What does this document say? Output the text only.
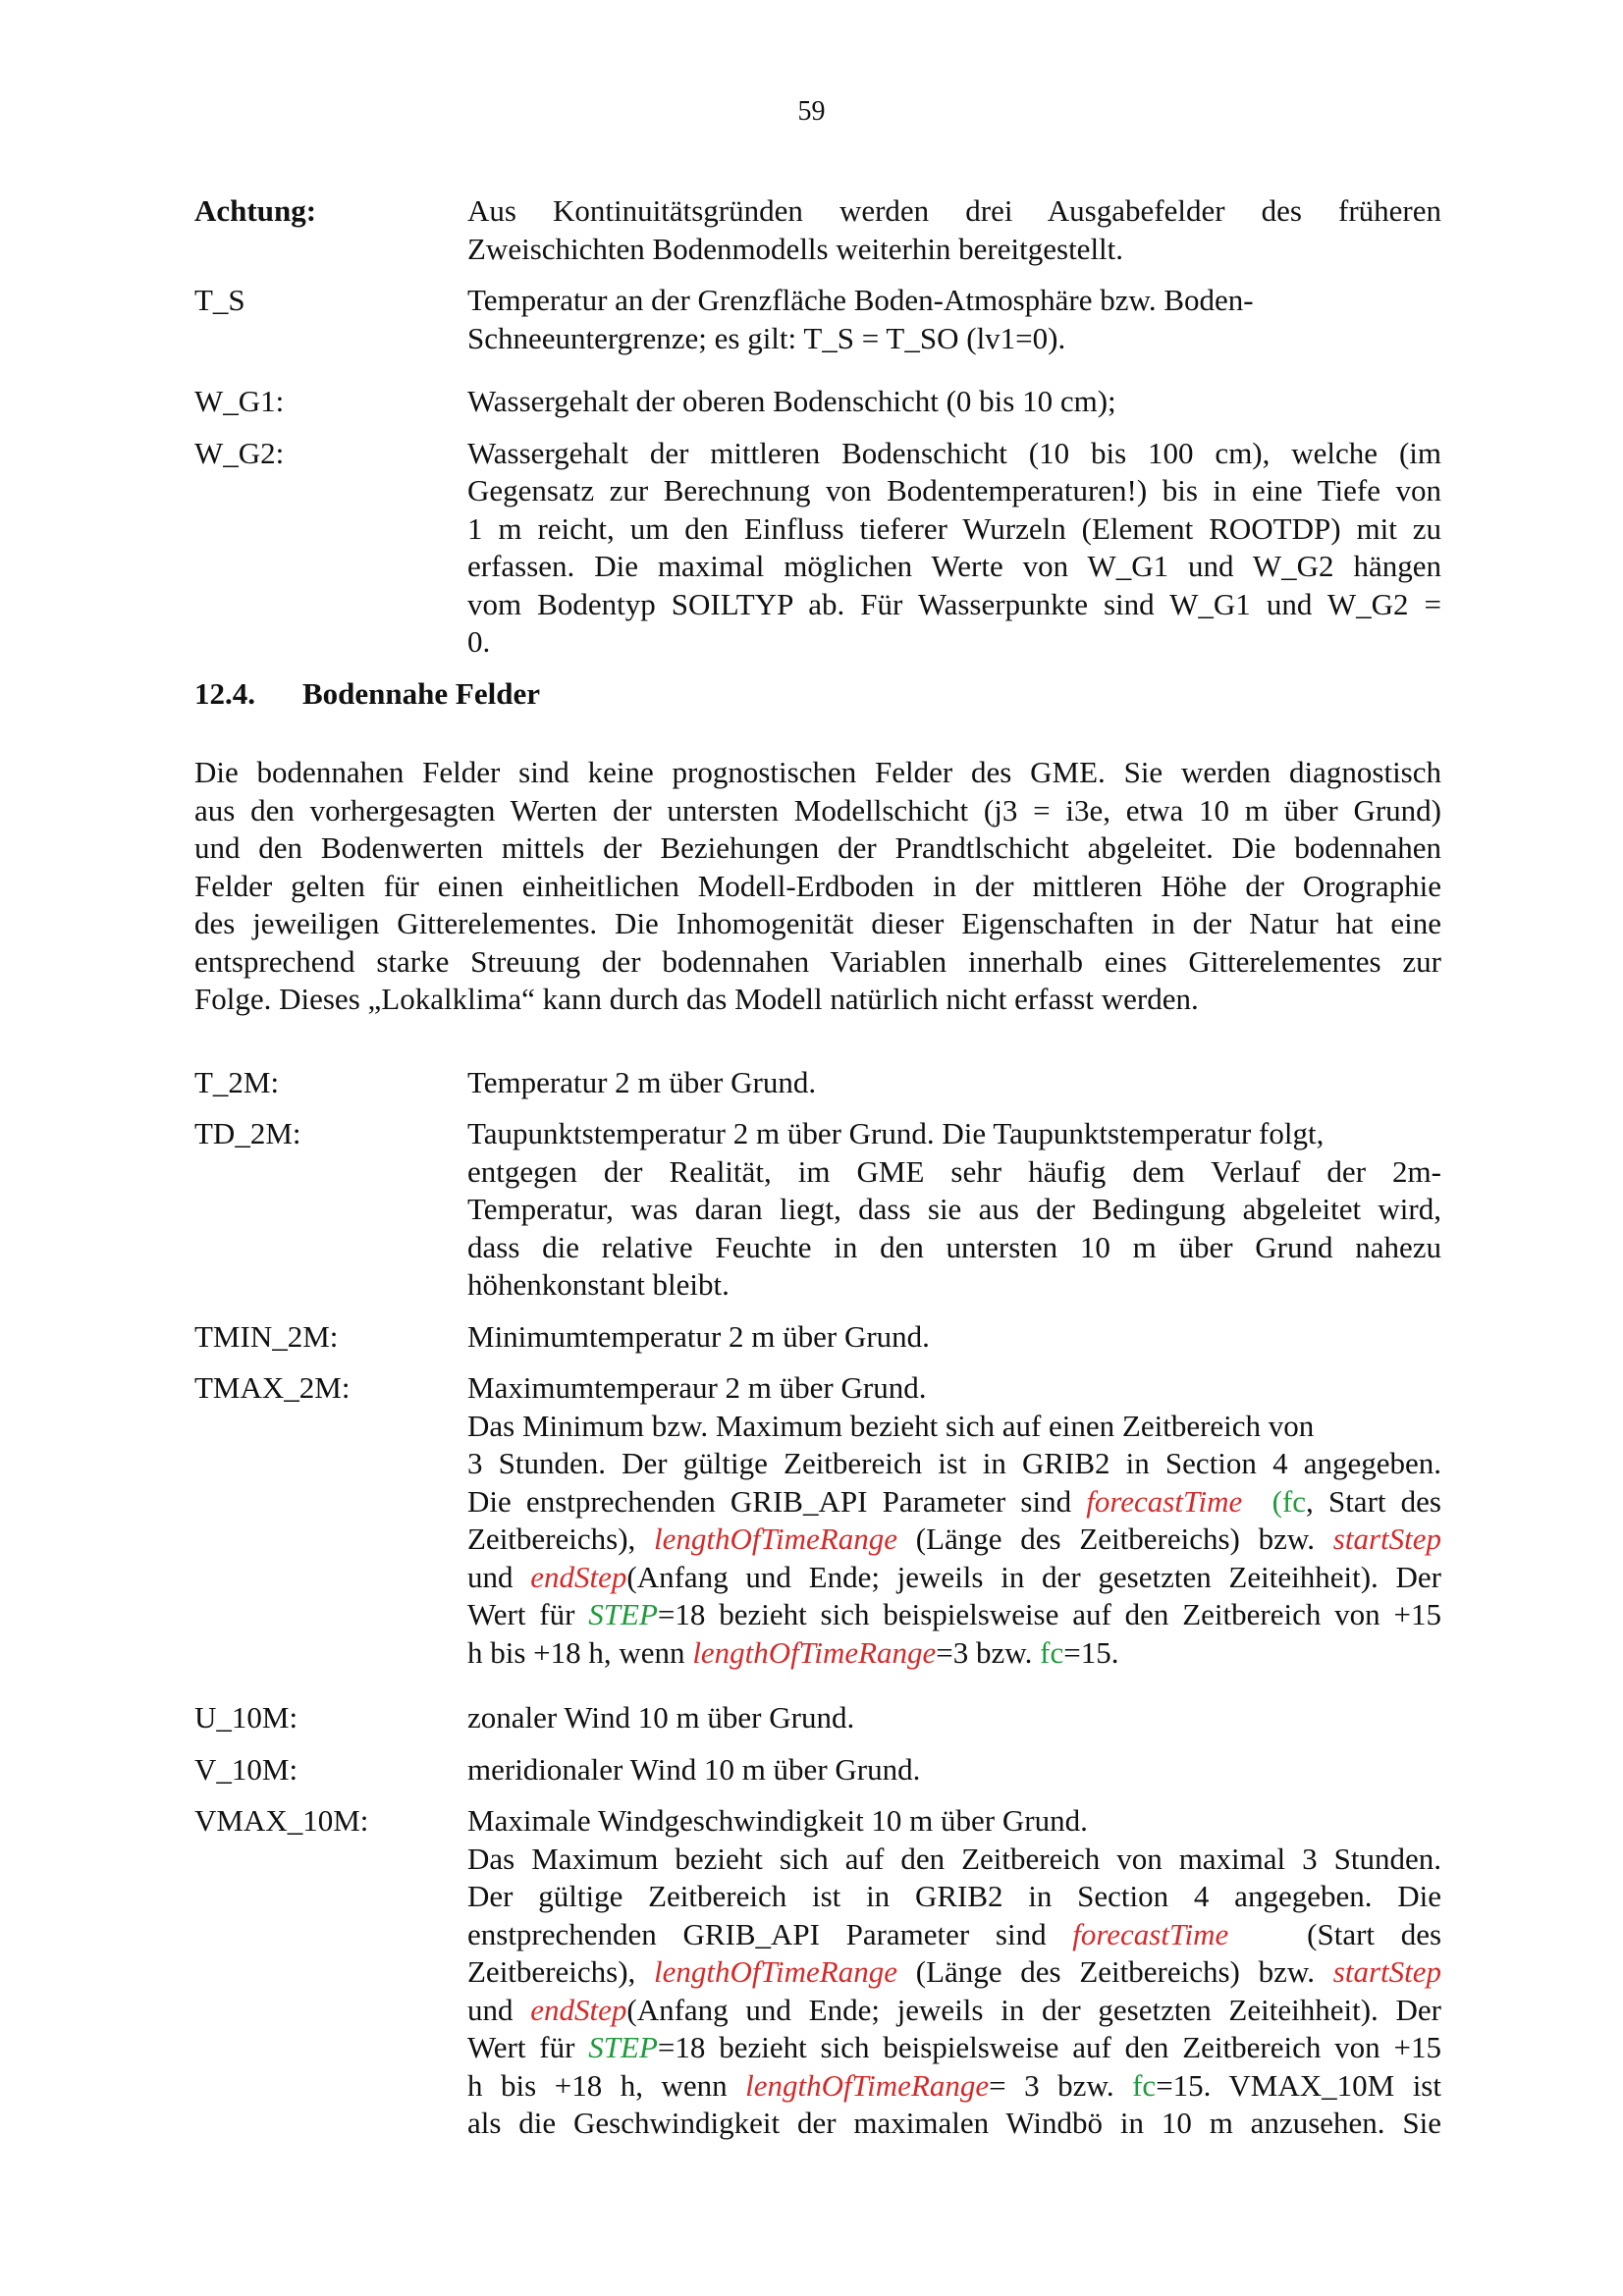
59
Achtung:	Aus Kontinuitätsgründen werden drei Ausgabefelder des früheren
Zweischichten Bodenmodells weiterhin bereitgestellt.
T_S	Temperatur an der Grenzfläche Boden-Atmosphäre bzw. Boden-
Schneeuntergrenze; es gilt: T_S = T_SO (lv1=0).
W_G1:	Wassergehalt der oberen Bodenschicht (0 bis 10 cm);
W_G2:	Wassergehalt der mittleren Bodenschicht (10 bis 100 cm), welche (im
Gegensatz zur Berechnung von Bodentemperaturen!) bis in eine Tiefe von
1 m reicht, um den Einfluss tieferer Wurzeln (Element ROOTDP) mit zu
erfassen. Die maximal möglichen Werte von W_G1 und W_G2 hängen
vom Bodentyp SOILTYP ab. Für Wasserpunkte sind W_G1 und W_G2 =
0.
12.4. Bodennahe Felder
Die bodennahen Felder sind keine prognostischen Felder des GME. Sie werden diagnostisch
aus den vorhergesagten Werten der untersten Modellschicht (j3 = i3e, etwa 10 m über Grund)
und den Bodenwerten mittels der Beziehungen der Prandtlschicht abgeleitet. Die bodennahen
Felder gelten für einen einheitlichen Modell-Erdboden in der mittleren Höhe der Orographie
des jeweiligen Gitterelementes. Die Inhomogenität dieser Eigenschaften in der Natur hat eine
entsprechend starke Streuung der bodennahen Variablen innerhalb eines Gitterelementes zur
Folge. Dieses „Lokalklima“ kann durch das Modell natürlich nicht erfasst werden.
T_2M:	Temperatur 2 m über Grund.
TD_2M:	Taupunktstemperatur 2 m über Grund. Die Taupunktstemperatur folgt,
entgegen der Realität, im GME sehr häufig dem Verlauf der 2m-
Temperatur, was daran liegt, dass sie aus der Bedingung abgeleitet wird,
dass die relative Feuchte in den untersten 10 m über Grund nahezu
höhenkonstant bleibt.
TMIN_2M:	Minimumtemperatur 2 m über Grund.
TMAX_2M:	Maximumtemperaur 2 m über Grund.
Das Minimum bzw. Maximum bezieht sich auf einen Zeitbereich von
3 Stunden. Der gültige Zeitbereich ist in GRIB2 in Section 4 angegeben.
Die enstprechenden GRIB_API Parameter sind forecastTime (fc, Start des
Zeitbereichs), lengthOfTimeRange (Länge des Zeitbereichs) bzw. startStep
und endStep(Anfang und Ende; jeweils in der gesetzten Zeiteihheit). Der
Wert für STEP=18 bezieht sich beispielsweise auf den Zeitbereich von +15
h bis +18 h, wenn lengthOfTimeRange=3 bzw. fc=15.
U_10M:	zonaler Wind 10 m über Grund.
V_10M:	meridionaler Wind 10 m über Grund.
VMAX_10M:	Maximale Windgeschwindigkeit 10 m über Grund.
Das Maximum bezieht sich auf den Zeitbereich von maximal 3 Stunden.
Der gültige Zeitbereich ist in GRIB2 in Section 4 angegeben. Die
enstprechenden GRIB_API Parameter sind forecastTime   (Start des
Zeitbereichs), lengthOfTimeRange (Länge des Zeitbereichs) bzw. startStep
und endStep(Anfang und Ende; jeweils in der gesetzten Zeiteihheit). Der
Wert für STEP=18 bezieht sich beispielsweise auf den Zeitbereich von +15
h bis +18 h, wenn lengthOfTimeRange= 3 bzw. fc=15. VMAX_10M ist
als die Geschwindigkeit der maximalen Windbö in 10 m anzusehen. Sie
